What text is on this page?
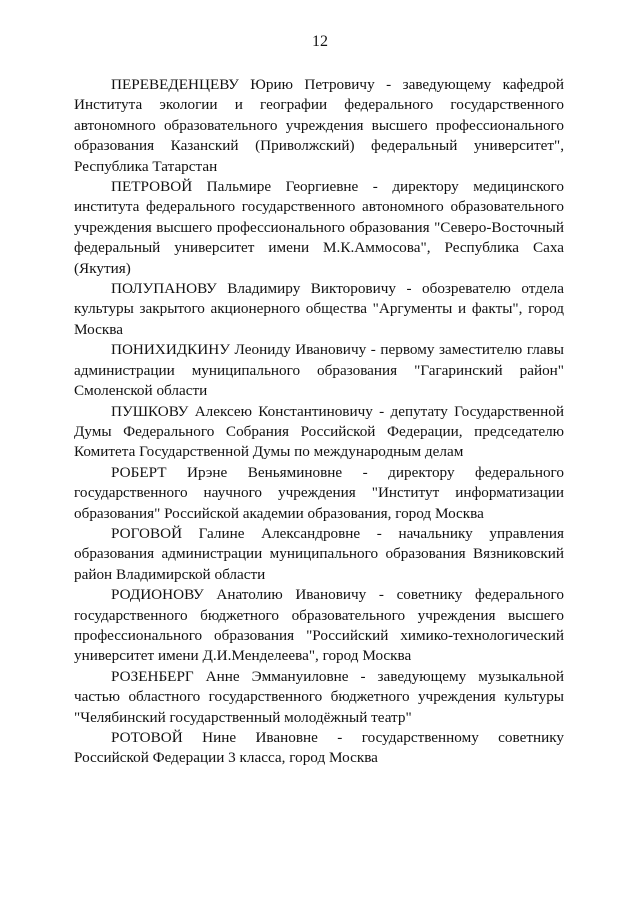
12

ПЕРЕВЕДЕНЦЕВУ Юрию Петровичу - заведующему кафедрой Института экологии и географии федерального государственного автономного образовательного учреждения высшего профессионального образования Казанский (Приволжский) федеральный университет", Республика Татарстан

ПЕТРОВОЙ Пальмире Георгиевне - директору медицинского института федерального государственного автономного образовательного учреждения высшего профессионального образования "Северо-Восточный федеральный университет имени М.К.Аммосова", Республика Саха (Якутия)

ПОЛУПАНОВУ Владимиру Викторовичу - обозревателю отдела культуры закрытого акционерного общества "Аргументы и факты", город Москва

ПОНИХИДКИНУ Леониду Ивановичу - первому заместителю главы администрации муниципального образования "Гагаринский район" Смоленской области

ПУШКОВУ Алексею Константиновичу - депутату Государственной Думы Федерального Собрания Российской Федерации, председателю Комитета Государственной Думы по международным делам

РОБЕРТ Ирэне Веньяминовне - директору федерального государственного научного учреждения "Институт информатизации образования" Российской академии образования, город Москва

РОГОВОЙ Галине Александровне - начальнику управления образования администрации муниципального образования Вязниковский район Владимирской области

РОДИОНОВУ Анатолию Ивановичу - советнику федерального государственного бюджетного образовательного учреждения высшего профессионального образования "Российский химико-технологический университет имени Д.И.Менделеева", город Москва

РОЗЕНБЕРГ Анне Эммануиловне - заведующему музыкальной частью областного государственного бюджетного учреждения культуры "Челябинский государственный молодёжный театр"

РОТОВОЙ Нине Ивановне - государственному советнику Российской Федерации 3 класса, город Москва
